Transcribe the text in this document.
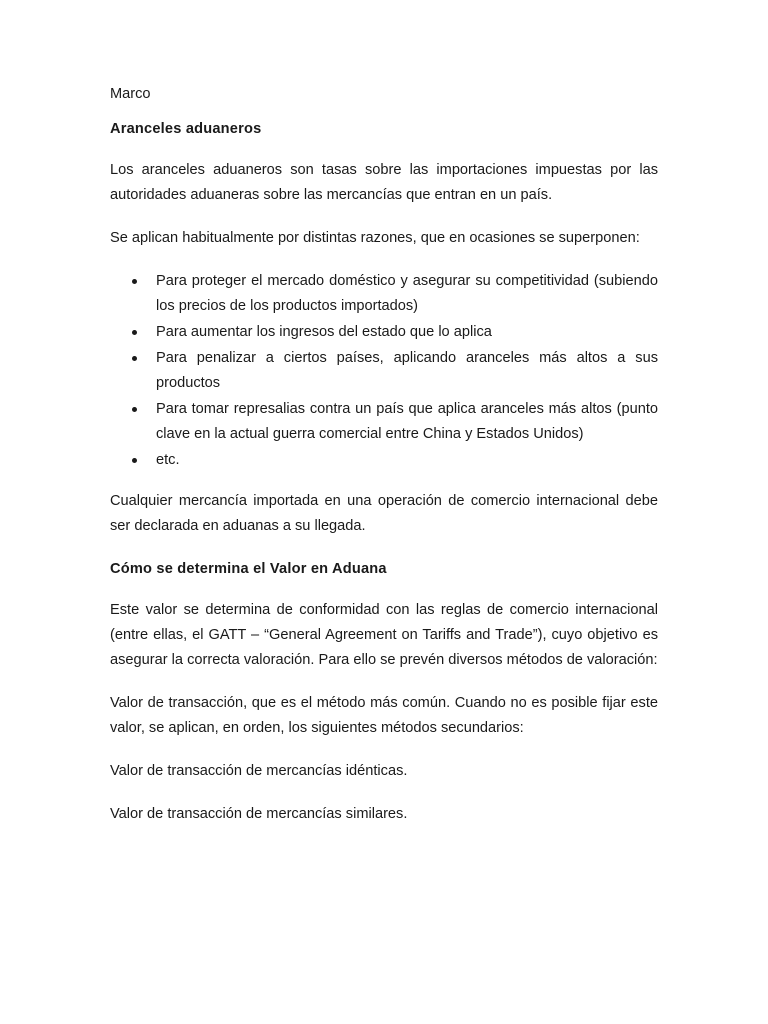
Marco

Aranceles aduaneros

Los aranceles aduaneros son tasas sobre las importaciones impuestas por las autoridades aduaneras sobre las mercancías que entran en un país.

Se aplican habitualmente por distintas razones, que en ocasiones se superponen:

Para proteger el mercado doméstico y asegurar su competitividad (subiendo los precios de los productos importados)
Para aumentar los ingresos del estado que lo aplica
Para penalizar a ciertos países, aplicando aranceles más altos a sus productos
Para tomar represalias contra un país que aplica aranceles más altos (punto clave en la actual guerra comercial entre China y Estados Unidos)
etc.

Cualquier mercancía importada en una operación de comercio internacional debe ser declarada en aduanas a su llegada.

Cómo se determina el Valor en Aduana

Este valor se determina de conformidad con las reglas de comercio internacional (entre ellas, el GATT – “General Agreement on Tariffs and Trade”), cuyo objetivo es asegurar la correcta valoración. Para ello se prevén diversos métodos de valoración:

Valor de transacción, que es el método más común. Cuando no es posible fijar este valor, se aplican, en orden, los siguientes métodos secundarios:

Valor de transacción de mercancías idénticas.

Valor de transacción de mercancías similares.
